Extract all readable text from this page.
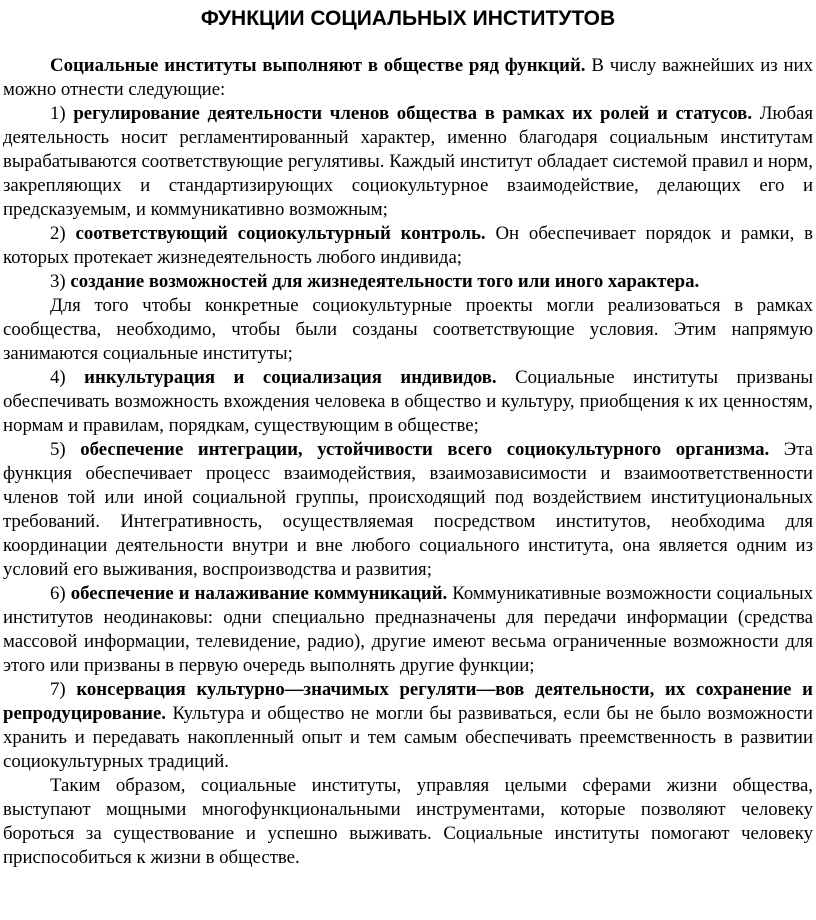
ФУНКЦИИ СОЦИАЛЬНЫХ ИНСТИТУТОВ

Социальные институты выполняют в обществе ряд функций. В числу важнейших из них можно отнести следующие:

1) регулирование деятельности членов общества в рамках их ролей и статусов. Любая деятельность носит регламентированный характер, именно благодаря социальным институтам вырабатываются соответствующие регулятивы. Каждый институт обладает системой правил и норм, закрепляющих и стандартизирующих социокультурное взаимодействие, делающих его и предсказуемым, и коммуникативно возможным;

2) соответствующий социокультурный контроль. Он обеспечивает порядок и рамки, в которых протекает жизнедеятельность любого индивида;

3) создание возможностей для жизнедеятельности того или иного характера.

Для того чтобы конкретные социокультурные проекты могли реализоваться в рамках сообщества, необходимо, чтобы были созданы соответствующие условия. Этим напрямую занимаются социальные институты;

4) инкультурация и социализация индивидов. Социальные институты призваны обеспечивать возможность вхождения человека в общество и культуру, приобщения к их ценностям, нормам и правилам, порядкам, существующим в обществе;

5) обеспечение интеграции, устойчивости всего социокультурного организма. Эта функция обеспечивает процесс взаимодействия, взаимозависимости и взаимоответственности членов той или иной социальной группы, происходящий под воздействием институциональных требований. Интегративность, осуществляемая посредством институтов, необходима для координации деятельности внутри и вне любого социального института, она является одним из условий его выживания, воспроизводства и развития;

6) обеспечение и налаживание коммуникаций. Коммуникативные возможности социальных институтов неодинаковы: одни специально предназначены для передачи информации (средства массовой информации, телевидение, радио), другие имеют весьма ограниченные возможности для этого или призваны в первую очередь выполнять другие функции;

7) консервация культурно—значимых регуляти—вов деятельности, их сохранение и репродуцирование. Культура и общество не могли бы развиваться, если бы не было возможности хранить и передавать накопленный опыт и тем самым обеспечивать преемственность в развитии социокультурных традиций.

Таким образом, социальные институты, управляя целыми сферами жизни общества, выступают мощными многофункциональными инструментами, которые позволяют человеку бороться за существование и успешно выживать. Социальные институты помогают человеку приспособиться к жизни в обществе.
